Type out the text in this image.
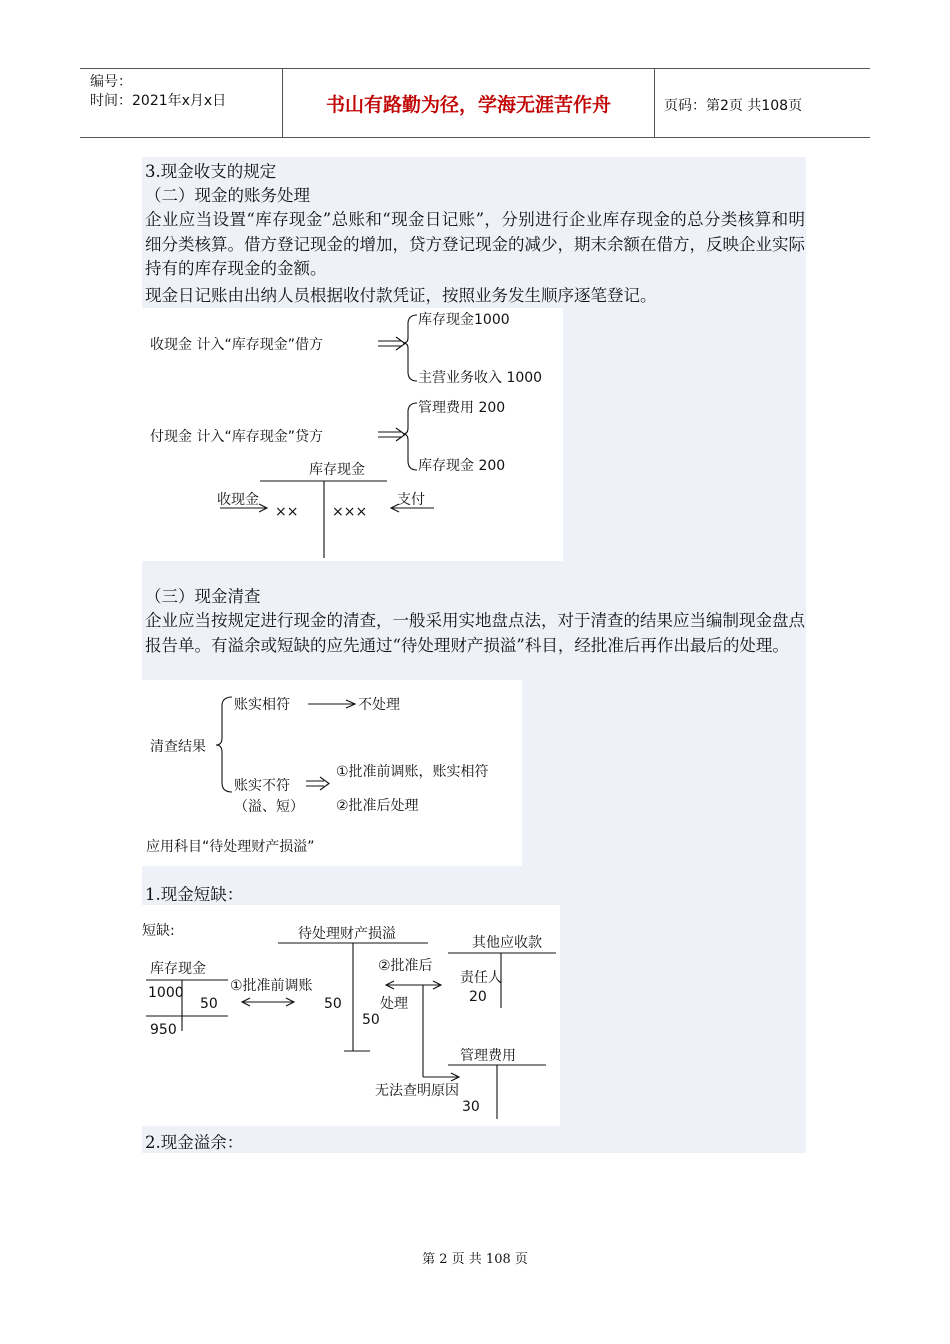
编号：
时间：2021年x月x日	书山有路勤为径，学海无涯苦作舟	页码：第2页 共108页
3.现金收支的规定
（二）现金的账务处理
企业应当设置“库存现金”总账和“现金日记账”，分别进行企业库存现金的总分类核算和明细分类核算。借方登记现金的增加，贷方登记现金的减少，期末余额在借方，反映企业实际持有的库存现金的金额。
现金日记账由出纳人员根据收付款凭证，按照业务发生顺序逐笔登记。
收现金 计入“库存现金”借方
库存现金1000
主营业务收入 1000
付现金 计入“库存现金”贷方
管理费用 200
库存现金 200
库存现金
收现金
×× ×××
支付
（三）现金清查
企业应当按规定进行现金的清查，一般采用实地盘点法，对于清查的结果应当编制现金盘点报告单。有溢余或短缺的应先通过“待处理财产损溢”科目，经批准后再作出最后的处理。
清查结果
账实相符	不处理
账实不符
（溢、短）
①批准前调账，账实相符
②批准后处理
应用科目“待处理财产损溢”
1.现金短缺：
短缺:
库存现金
1000
50
950
①批准前调账
待处理财产损溢
50
50
②批准后
处理
其他应收款
责任人
20
管理费用
无法查明原因
30
2.现金溢余：
第 2 页 共 108 页
